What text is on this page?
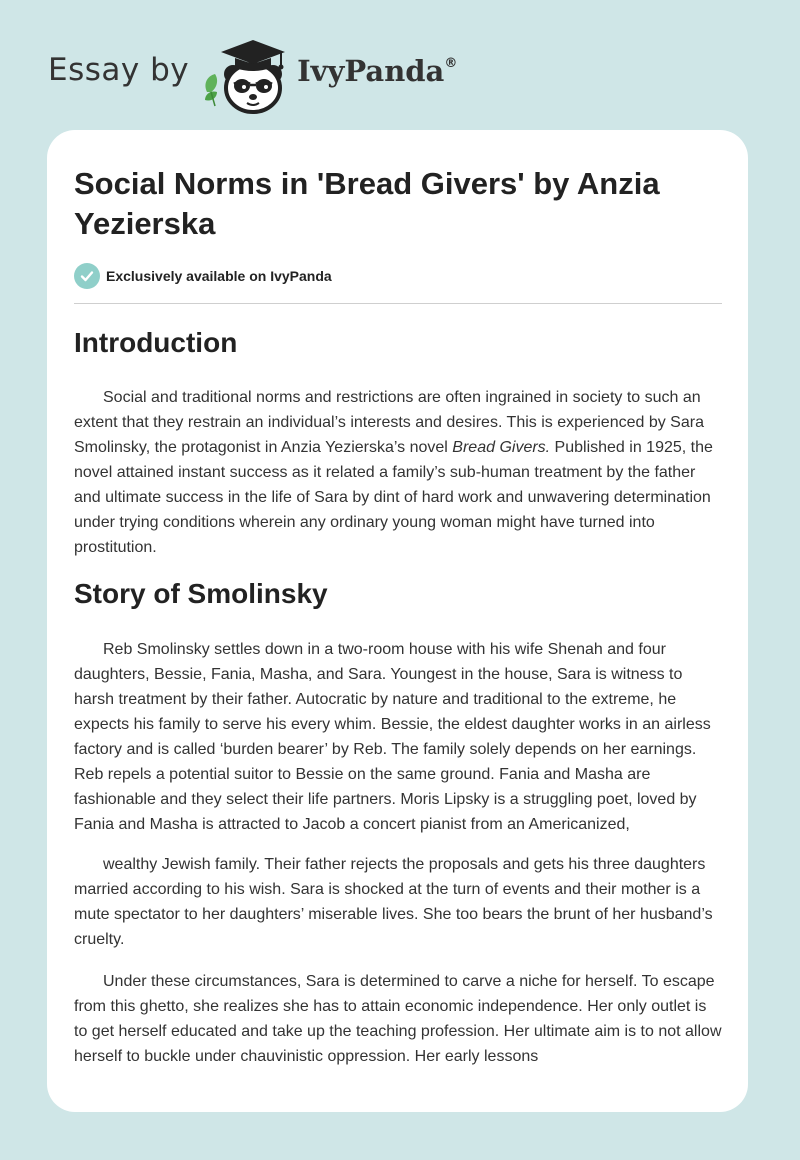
Essay by	IvyPanda®
Social Norms in 'Bread Givers' by Anzia Yezierska
Exclusively available on IvyPanda
Introduction

Social and traditional norms and restrictions are often ingrained in society to such an extent that they restrain an individual’s interests and desires. This is experienced by Sara Smolinsky, the protagonist in Anzia Yezierska’s novel Bread Givers. Published in 1925, the novel attained instant success as it related a family’s sub-human treatment by the father and ultimate success in the life of Sara by dint of hard work and unwavering determination under trying conditions wherein any ordinary young woman might have turned into prostitution.

Story of Smolinsky

Reb Smolinsky settles down in a two-room house with his wife Shenah and four daughters, Bessie, Fania, Masha, and Sara. Youngest in the house, Sara is witness to harsh treatment by their father. Autocratic by nature and traditional to the extreme, he expects his family to serve his every whim. Bessie, the eldest daughter works in an airless factory and is called ‘burden bearer’ by Reb. The family solely depends on her earnings. Reb repels a potential suitor to Bessie on the same ground. Fania and Masha are fashionable and they select their life partners. Moris Lipsky is a struggling poet, loved by Fania and Masha is attracted to Jacob a concert pianist from an Americanized,

wealthy Jewish family. Their father rejects the proposals and gets his three daughters married according to his wish. Sara is shocked at the turn of events and their mother is a mute spectator to her daughters’ miserable lives. She too bears the brunt of her husband’s cruelty.

Under these circumstances, Sara is determined to carve a niche for herself. To escape from this ghetto, she realizes she has to attain economic independence. Her only outlet is to get herself educated and take up the teaching profession. Her ultimate aim is to not allow herself to buckle under chauvinistic oppression. Her early lessons
